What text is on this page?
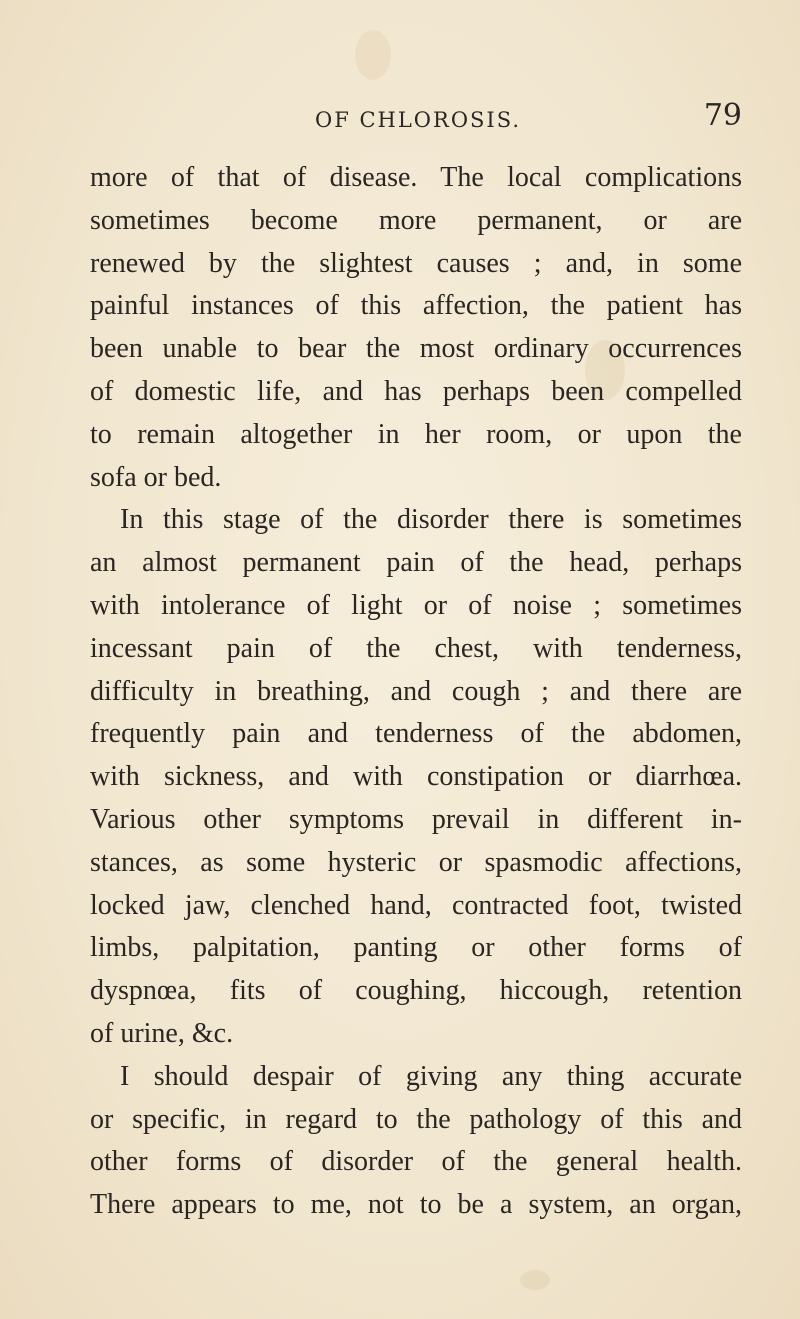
OF CHLOROSIS.	79
more of that of disease. The local complications
sometimes become more permanent, or are
renewed by the slightest causes ; and, in some
painful instances of this affection, the patient has
been unable to bear the most ordinary occurrences
of domestic life, and has perhaps been compelled
to remain altogether in her room, or upon the
sofa or bed.
In this stage of the disorder there is sometimes
an almost permanent pain of the head, perhaps
with intolerance of light or of noise ; sometimes
incessant pain of the chest, with tenderness,
difficulty in breathing, and cough ; and there are
frequently pain and tenderness of the abdomen,
with sickness, and with constipation or diarrhœa.
Various other symptoms prevail in different in-
stances, as some hysteric or spasmodic affections,
locked jaw, clenched hand, contracted foot, twisted
limbs, palpitation, panting or other forms of
dyspnœa, fits of coughing, hiccough, retention
of urine, &c.
I should despair of giving any thing accurate
or specific, in regard to the pathology of this and
other forms of disorder of the general health.
There appears to me, not to be a system, an organ,
